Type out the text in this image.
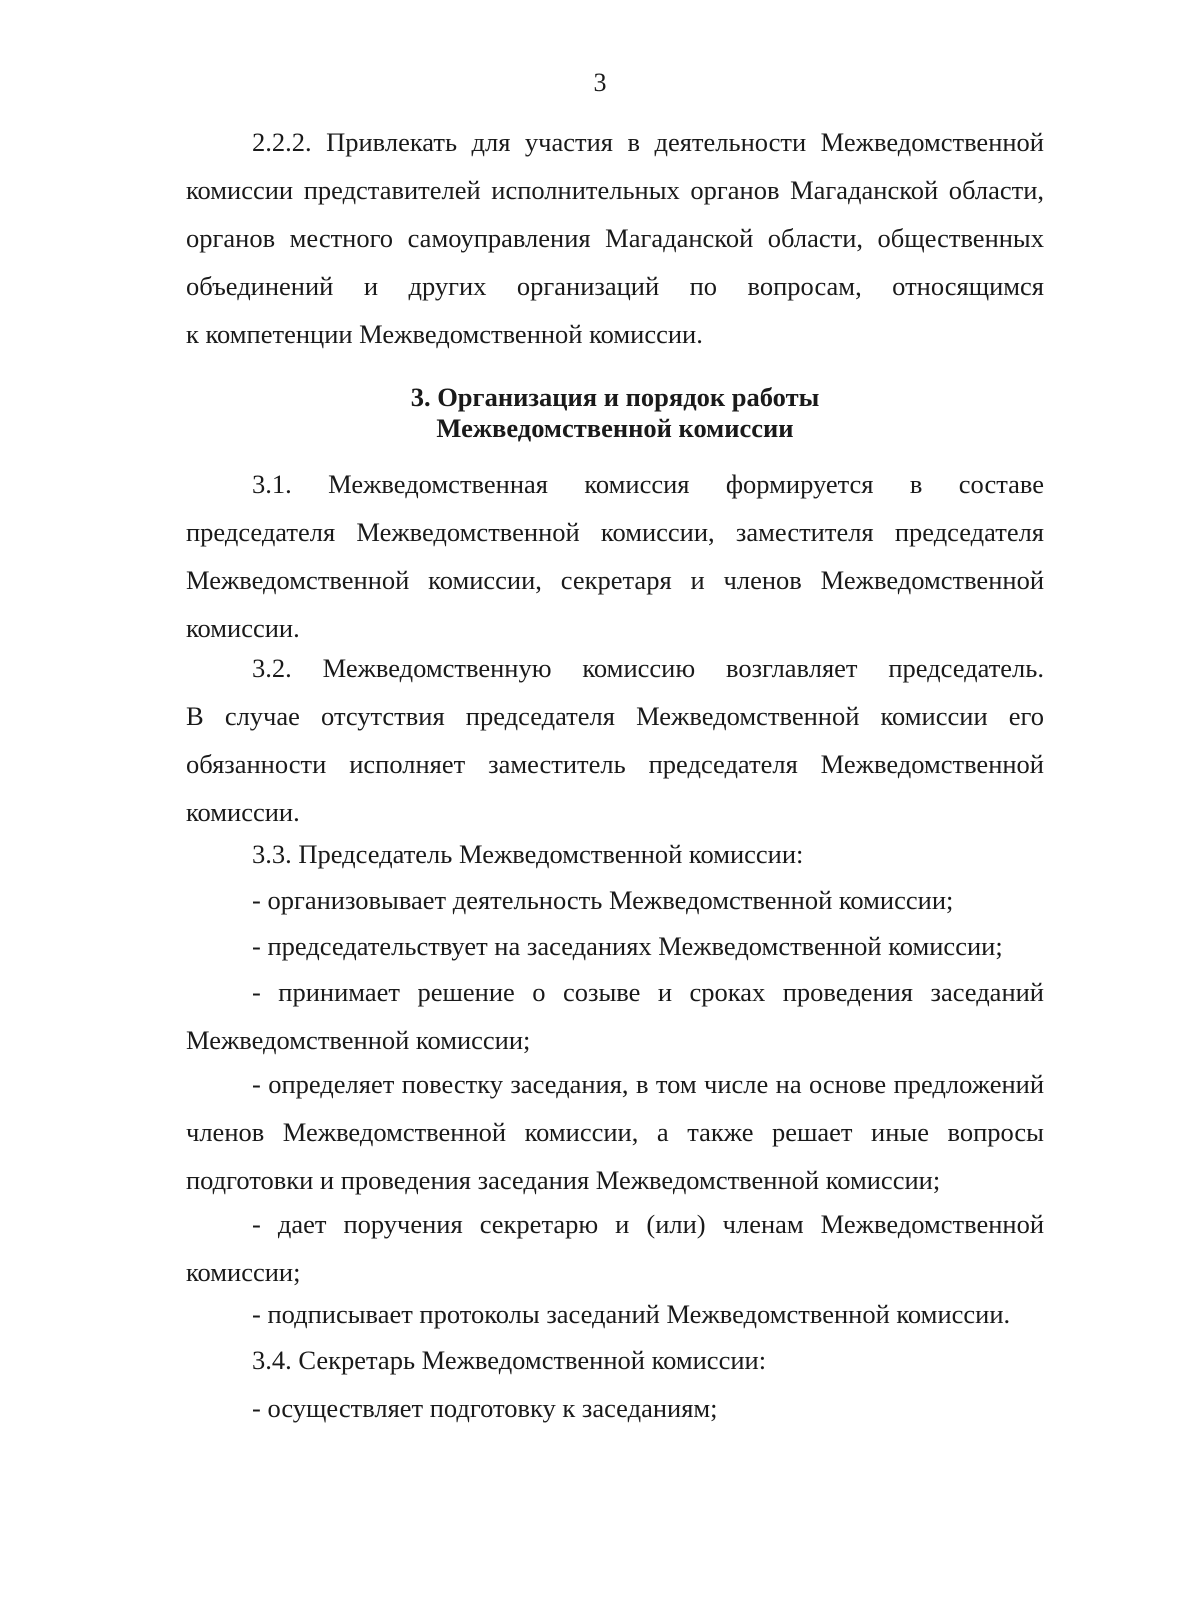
3
2.2.2. Привлекать для участия в деятельности Межведомственной
комиссии представителей исполнительных органов Магаданской области,
органов местного самоуправления Магаданской области, общественных
объединений и других организаций по вопросам, относящимся
к компетенции Межведомственной комиссии.
3. Организация и порядок работы
Межведомственной комиссии
3.1. Межведомственная комиссия формируется в составе
председателя Межведомственной комиссии, заместителя председателя
Межведомственной комиссии, секретаря и членов Межведомственной
комиссии.
3.2. Межведомственную комиссию возглавляет председатель.
В случае отсутствия председателя Межведомственной комиссии его
обязанности исполняет заместитель председателя Межведомственной
комиссии.
3.3. Председатель Межведомственной комиссии:
- организовывает деятельность Межведомственной комиссии;
- председательствует на заседаниях Межведомственной комиссии;
- принимает решение о созыве и сроках проведения заседаний
Межведомственной комиссии;
- определяет повестку заседания, в том числе на основе предложений
членов Межведомственной комиссии, а также решает иные вопросы
подготовки и проведения заседания Межведомственной комиссии;
- дает поручения секретарю и (или) членам Межведомственной
комиссии;
- подписывает протоколы заседаний Межведомственной комиссии.
3.4. Секретарь Межведомственной комиссии:
- осуществляет подготовку к заседаниям;
